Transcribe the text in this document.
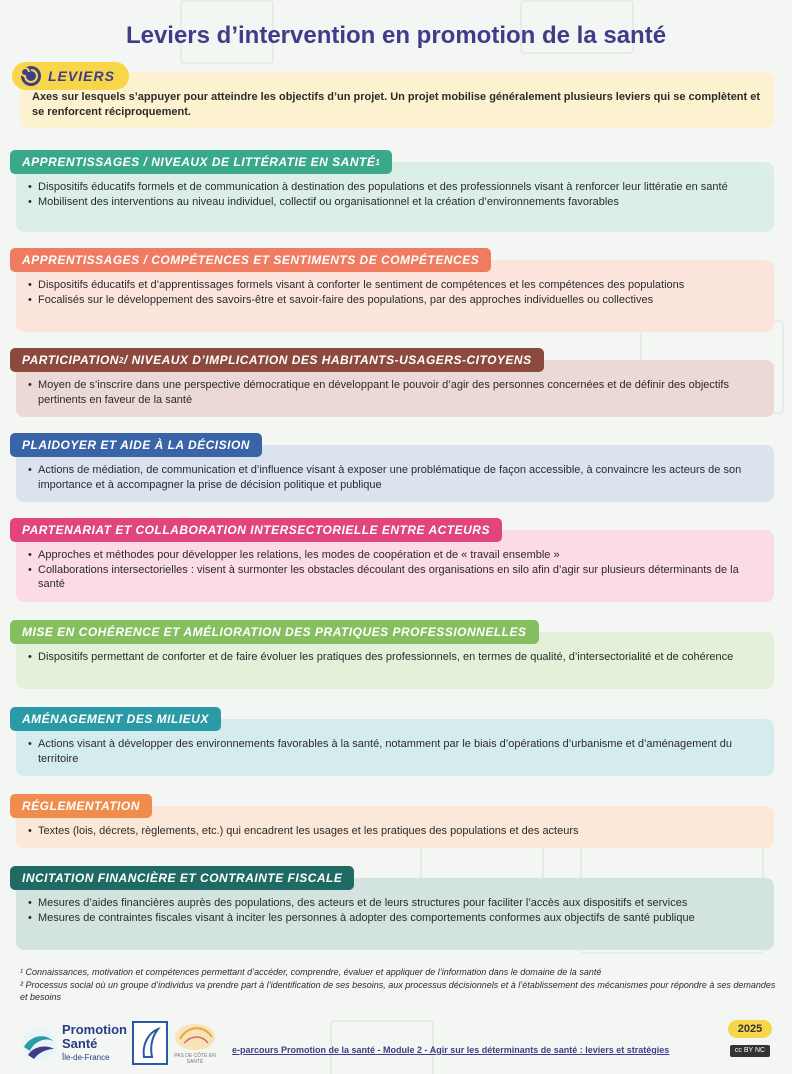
Leviers d’intervention en promotion de la santé

Axes sur lesquels s’appuyer pour atteindre les objectifs d’un projet. Un projet mobilise généralement plusieurs leviers qui se complètent et se renforcent réciproquement.

LEVIERS
• Dispositifs éducatifs formels et de communication à destination des populations et des professionnels visant à renforcer leur littératie en santé
• Mobilisent des interventions au niveau individuel, collectif ou organisationnel et la création d’environnements favorables
APPRENTISSAGES / NIVEAUX DE LITTÉRATIE EN SANTÉ 1
• Dispositifs éducatifs et d’apprentissages formels visant à conforter le sentiment de compétences et les compétences des populations
• Focalisés sur le développement des savoirs-être et savoir-faire des populations, par des approches individuelles ou collectives
APPRENTISSAGES / COMPÉTENCES ET SENTIMENTS DE COMPÉTENCES
• Moyen de s’inscrire dans une perspective démocratique en développant le pouvoir d’agir des personnes concernées et de définir des objectifs pertinents en faveur de la santé
PARTICIPATION 2 / NIVEAUX D’IMPLICATION DES HABITANTS-USAGERS-CITOYENS
• Actions de médiation, de communication et d’influence visant à exposer une problématique de façon accessible, à convaincre les acteurs de son importance et à accompagner la prise de décision politique et publique
PLAIDOYER ET AIDE À LA DÉCISION
• Approches et méthodes pour développer les relations, les modes de coopération et de « travail ensemble »
• Collaborations intersectorielles : visent à surmonter les obstacles découlant des organisations en silo afin d’agir sur plusieurs déterminants de la santé
PARTENARIAT ET COLLABORATION INTERSECTORIELLE ENTRE ACTEURS
• Dispositifs permettant de conforter et de faire évoluer les pratiques des professionnels, en termes de qualité, d’intersectorialité et de cohérence
MISE EN COHÉRENCE ET AMÉLIORATION DES PRATIQUES PROFESSIONNELLES
• Actions visant à développer des environnements favorables à la santé, notamment par le biais d’opérations d’urbanisme et d’aménagement du territoire
AMÉNAGEMENT DES MILIEUX
• Textes (lois, décrets, règlements, etc.) qui encadrent les usages et les pratiques des populations et des acteurs
RÉGLEMENTATION
• Mesures d’aides financières auprès des populations, des acteurs et de leurs structures pour faciliter l’accès aux dispositifs et services
• Mesures de contraintes fiscales visant à inciter les personnes à adopter des comportements conformes aux objectifs de santé publique
INCITATION FINANCIÈRE ET CONTRAINTE FISCALE
¹ Connaissances, motivation et compétences permettant d’accéder, comprendre, évaluer et appliquer de l’information dans le domaine de la santé
² Processus social où un groupe d’individus va prendre part à l’identification de ses besoins, aux processus décisionnels et à l’établissement des mécanismes pour répondre à ses demandes et besoins
Promotion
Santé
Île-de-France	PAS DE CÔTÉ EN SANTÉ
e-parcours Promotion de la santé - Module 2 - Agir sur les déterminants de santé : leviers et stratégies
2025
cc BY NC
